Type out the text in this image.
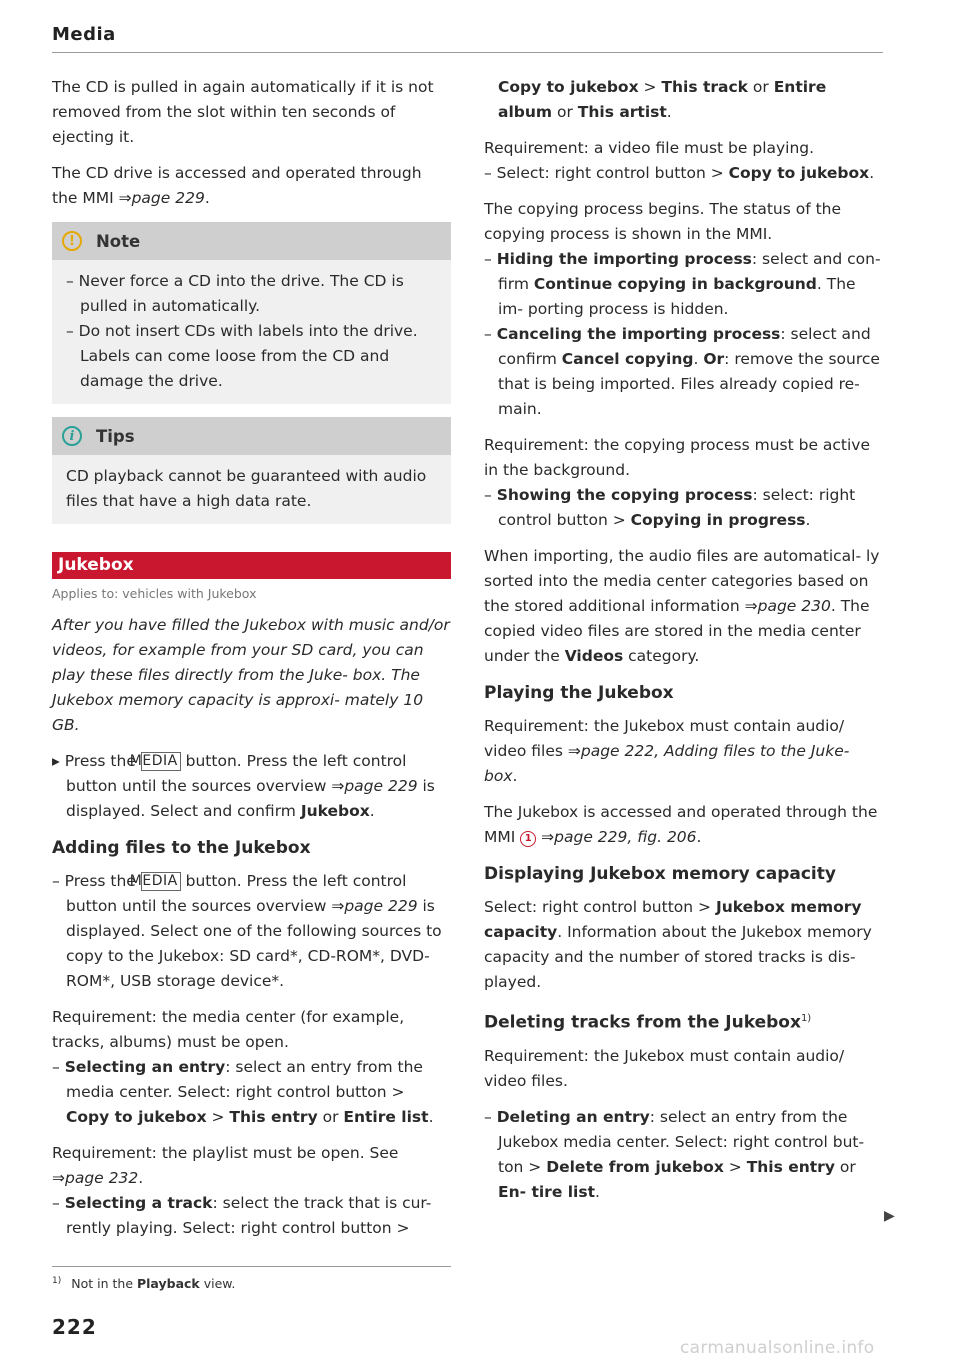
Media

The CD is pulled in again automatically if it is not removed from the slot within ten seconds of ejecting it.

The CD drive is accessed and operated through the MMI ⇒page 229.

!	Note

– Never force a CD into the drive. The CD is pulled in automatically.

– Do not insert CDs with labels into the drive. Labels can come loose from the CD and damage the drive.

i	Tips

CD playback cannot be guaranteed with audio files that have a high data rate.

Jukebox

Applies to: vehicles with Jukebox

After you have filled the Jukebox with music and/or videos, for example from your SD card, you can play these files directly from the Juke- box. The Jukebox memory capacity is approxi- mately 10 GB.

▸ Press the MEDIA button. Press the left control button until the sources overview ⇒page 229 is displayed. Select and confirm Jukebox.

Adding files to the Jukebox

– Press the MEDIA button. Press the left control button until the sources overview ⇒page 229 is displayed. Select one of the following sources to copy to the Jukebox: SD card*, CD-ROM*, DVD-ROM*, USB storage device*.

Requirement: the media center (for example, tracks, albums) must be open.

– Selecting an entry: select an entry from the media center. Select: right control button > Copy to jukebox > This entry or Entire list.

Requirement: the playlist must be open. See ⇒page 232.

– Selecting a track: select the track that is cur- rently playing. Select: right control button >

Copy to jukebox > This track or Entire album or This artist.

Requirement: a video file must be playing.

– Select: right control button > Copy to jukebox.

The copying process begins. The status of the copying process is shown in the MMI.

– Hiding the importing process: select and con- firm Continue copying in background. The im- porting process is hidden.

– Canceling the importing process: select and confirm Cancel copying. Or: remove the source that is being imported. Files already copied re- main.

Requirement: the copying process must be active in the background.

– Showing the copying process: select: right control button > Copying in progress.

When importing, the audio files are automatical- ly sorted into the media center categories based on the stored additional information ⇒page 230. The copied video files are stored in the media center under the Videos category.

Playing the Jukebox

Requirement: the Jukebox must contain audio/ video files ⇒page 222, Adding files to the Juke- box.

The Jukebox is accessed and operated through the MMI 1 ⇒page 229, fig. 206.

Displaying Jukebox memory capacity

Select: right control button > Jukebox memory capacity. Information about the Jukebox memory capacity and the number of stored tracks is dis- played.

Deleting tracks from the Jukebox$^{1)}$

Requirement: the Jukebox must contain audio/ video files.

– Deleting an entry: select an entry from the Jukebox media center. Select: right control but- ton > Delete from jukebox > This entry or En- tire list.

▶
$^{1)}$ Not in the Playback view.
222
carmanualsonline.info
